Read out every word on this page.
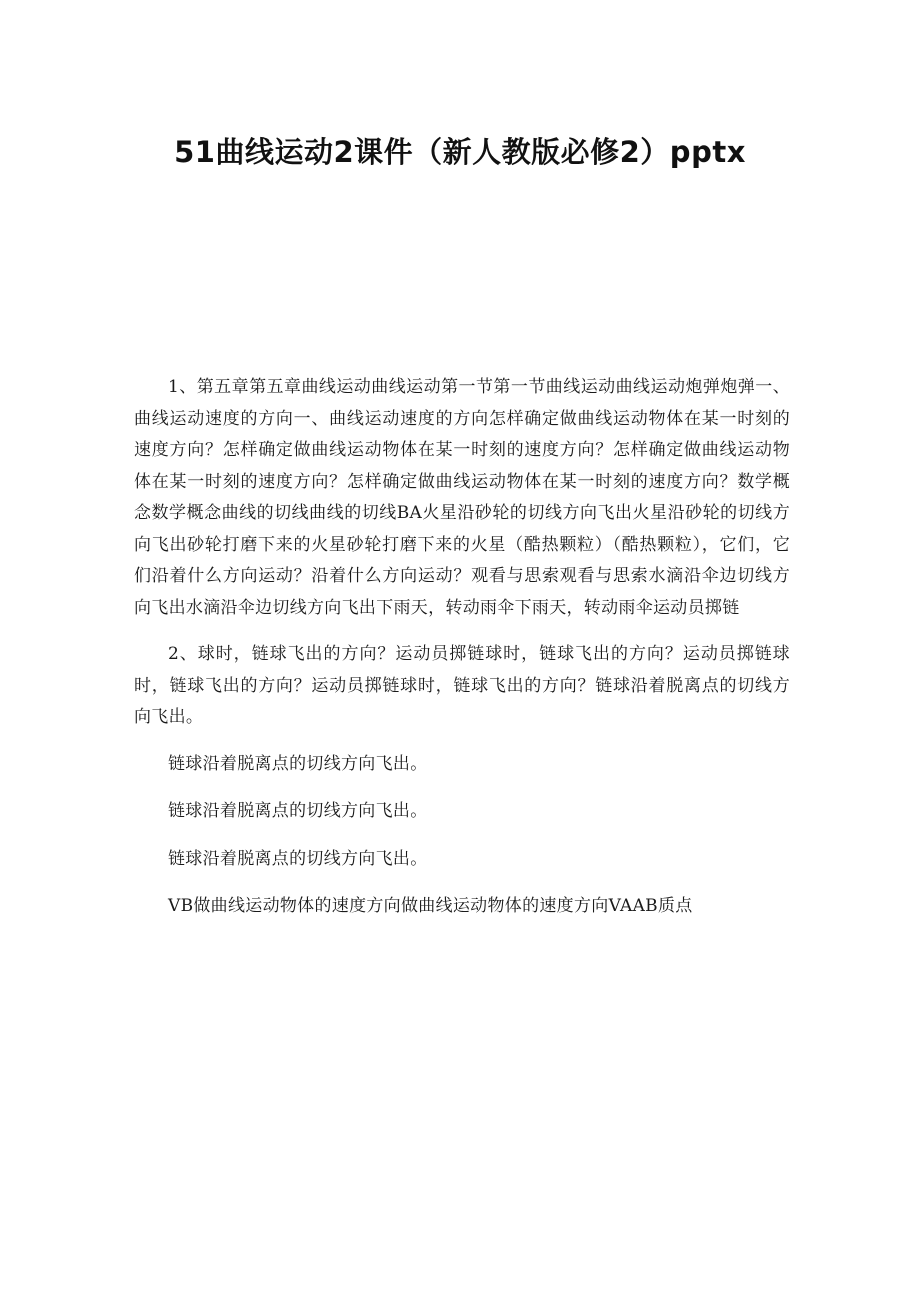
51曲线运动2课件（新人教版必修2）pptx

1、第五章第五章曲线运动曲线运动第一节第一节曲线运动曲线运动炮弹炮弹一、曲线运动速度的方向一、曲线运动速度的方向怎样确定做曲线运动物体在某一时刻的速度方向？怎样确定做曲线运动物体在某一时刻的速度方向？怎样确定做曲线运动物体在某一时刻的速度方向？怎样确定做曲线运动物体在某一时刻的速度方向？数学概念数学概念曲线的切线曲线的切线BA火星沿砂轮的切线方向飞出火星沿砂轮的切线方向飞出砂轮打磨下来的火星砂轮打磨下来的火星（酷热颗粒）（酷热颗粒），它们，它们沿着什么方向运动？沿着什么方向运动？观看与思索观看与思索水滴沿伞边切线方向飞出水滴沿伞边切线方向飞出下雨天，转动雨伞下雨天，转动雨伞运动员掷链

2、球时，链球飞出的方向？运动员掷链球时，链球飞出的方向？运动员掷链球时，链球飞出的方向？运动员掷链球时，链球飞出的方向？链球沿着脱离点的切线方向飞出。

链球沿着脱离点的切线方向飞出。

链球沿着脱离点的切线方向飞出。

链球沿着脱离点的切线方向飞出。

VB做曲线运动物体的速度方向做曲线运动物体的速度方向VAAB质点
